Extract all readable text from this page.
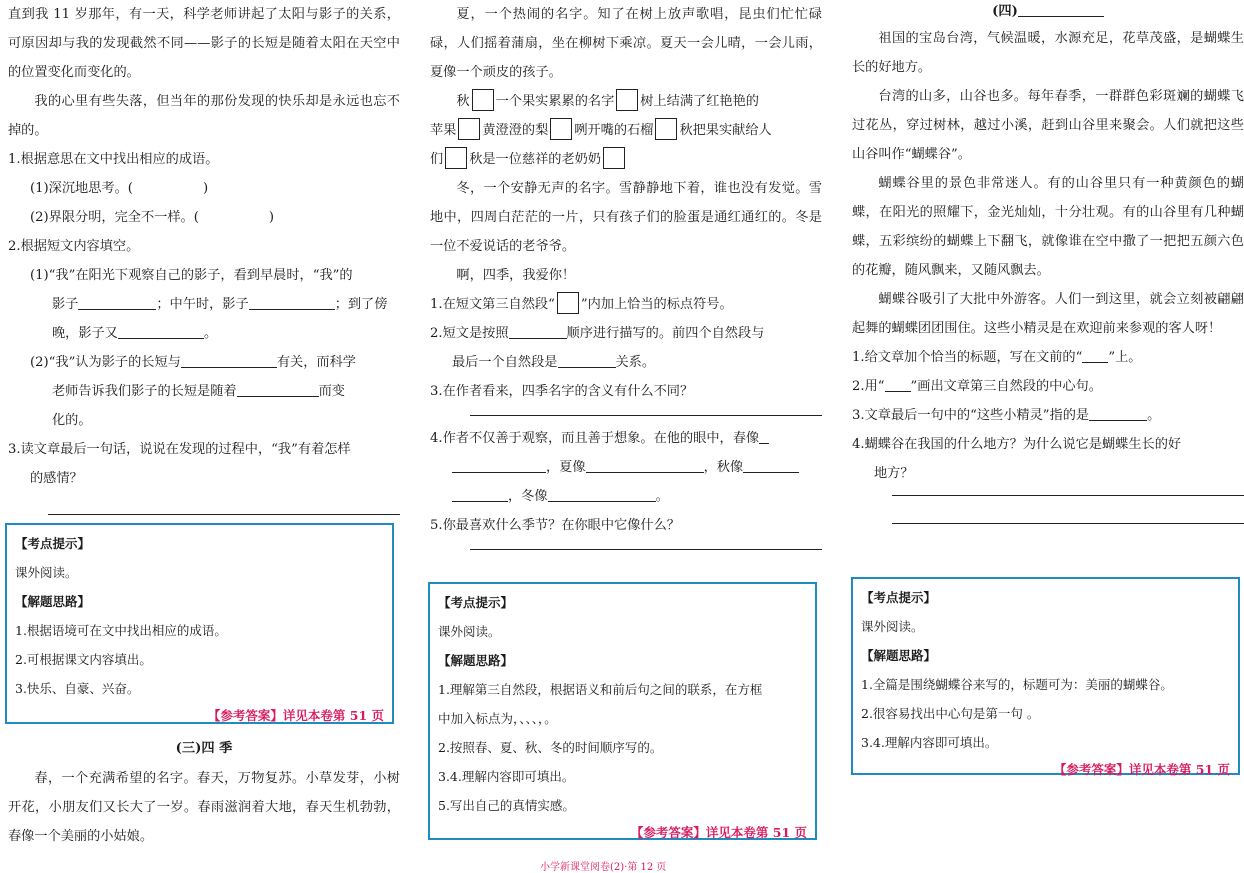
直到我 11 岁那年，有一天，科学老师讲起了太阳与影子的关系，可原因却与我的发现截然不同——影子的长短是随着太阳在天空中的位置变化而变化的。

我的心里有些失落，但当年的那份发现的快乐却是永远也忘不掉的。

1.根据意思在文中找出相应的成语。

(1)深沉地思考。(	)

(2)界限分明，完全不一样。(	)

2.根据短文内容填空。

(1)“我”在阳光下观察自己的影子，看到早晨时，“我”的

影子	；中午时，影子	；到了傍

晚，影子又	。

(2)“我”认为影子的长短与	有关，而科学

老师告诉我们影子的长短是随着	而变

化的。

3.读文章最后一句话，说说在发现的过程中，“我”有着怎样

的感情？

【考点提示】
课外阅读。
【解题思路】
1.根据语境可在文中找出相应的成语。
2.可根据课文内容填出。
3.快乐、自豪、兴奋。
【参考答案】详见本卷第 51 页

(三)四 季

春，一个充满希望的名字。春天，万物复苏。小草发芽，小树开花，小朋友们又长大了一岁。春雨滋润着大地，春天生机勃勃，春像一个美丽的小姑娘。

夏，一个热闹的名字。知了在树上放声歌唱，昆虫们忙忙碌碌，人们摇着蒲扇，坐在柳树下乘凉。夏天一会儿晴，一会儿雨，夏像一个顽皮的孩子。

秋 一个果实累累的名字 树上结满了红艳艳的

苹果 黄澄澄的梨 咧开嘴的石榴 秋把果实献给人

们 秋是一位慈祥的老奶奶

冬，一个安静无声的名字。雪静静地下着，谁也没有发觉。雪地中，四周白茫茫的一片，只有孩子们的脸蛋是通红通红的。冬是一位不爱说话的老爷爷。

啊，四季，我爱你！

1.在短文第三自然段“ ”内加上恰当的标点符号。

2.短文是按照	顺序进行描写的。前四个自然段与

最后一个自然段是	关系。

3.在作者看来，四季名字的含义有什么不同？

4.作者不仅善于观察，而且善于想象。在他的眼中，春像

，夏像	，秋像

，冬像	。

5.你最喜欢什么季节？在你眼中它像什么？

【考点提示】
课外阅读。
【解题思路】
1.理解第三自然段，根据语义和前后句之间的联系，在方框
中加入标点为，、、、，。
2.按照春、夏、秋、冬的时间顺序写的。
3.4.理解内容即可填出。
5.写出自己的真情实感。
【参考答案】详见本卷第 51 页

(四)

祖国的宝岛台湾，气候温暖，水源充足，花草茂盛，是蝴蝶生长的好地方。

台湾的山多，山谷也多。每年春季，一群群色彩斑斓的蝴蝶飞过花丛，穿过树林，越过小溪，赶到山谷里来聚会。人们就把这些山谷叫作“蝴蝶谷”。

蝴蝶谷里的景色非常迷人。有的山谷里只有一种黄颜色的蝴蝶，在阳光的照耀下，金光灿灿，十分壮观。有的山谷里有几种蝴蝶，五彩缤纷的蝴蝶上下翻飞，就像谁在空中撒了一把把五颜六色的花瓣，随风飘来，又随风飘去。

蝴蝶谷吸引了大批中外游客。人们一到这里，就会立刻被翩翩起舞的蝴蝶团团围住。这些小精灵是在欢迎前来参观的客人呀！

1.给文章加个恰当的标题，写在文前的“ ”上。

2.用“ ”画出文章第三自然段的中心句。

3.文章最后一句中的“这些小精灵”指的是	。

4.蝴蝶谷在我国的什么地方？为什么说它是蝴蝶生长的好

地方？

【考点提示】
课外阅读。
【解题思路】
1.全篇是围绕蝴蝶谷来写的，标题可为：美丽的蝴蝶谷。
2.很容易找出中心句是第一句 。
3.4.理解内容即可填出。
【参考答案】详见本卷第 51 页
小学新课堂阅卷(2)·第 12 页
